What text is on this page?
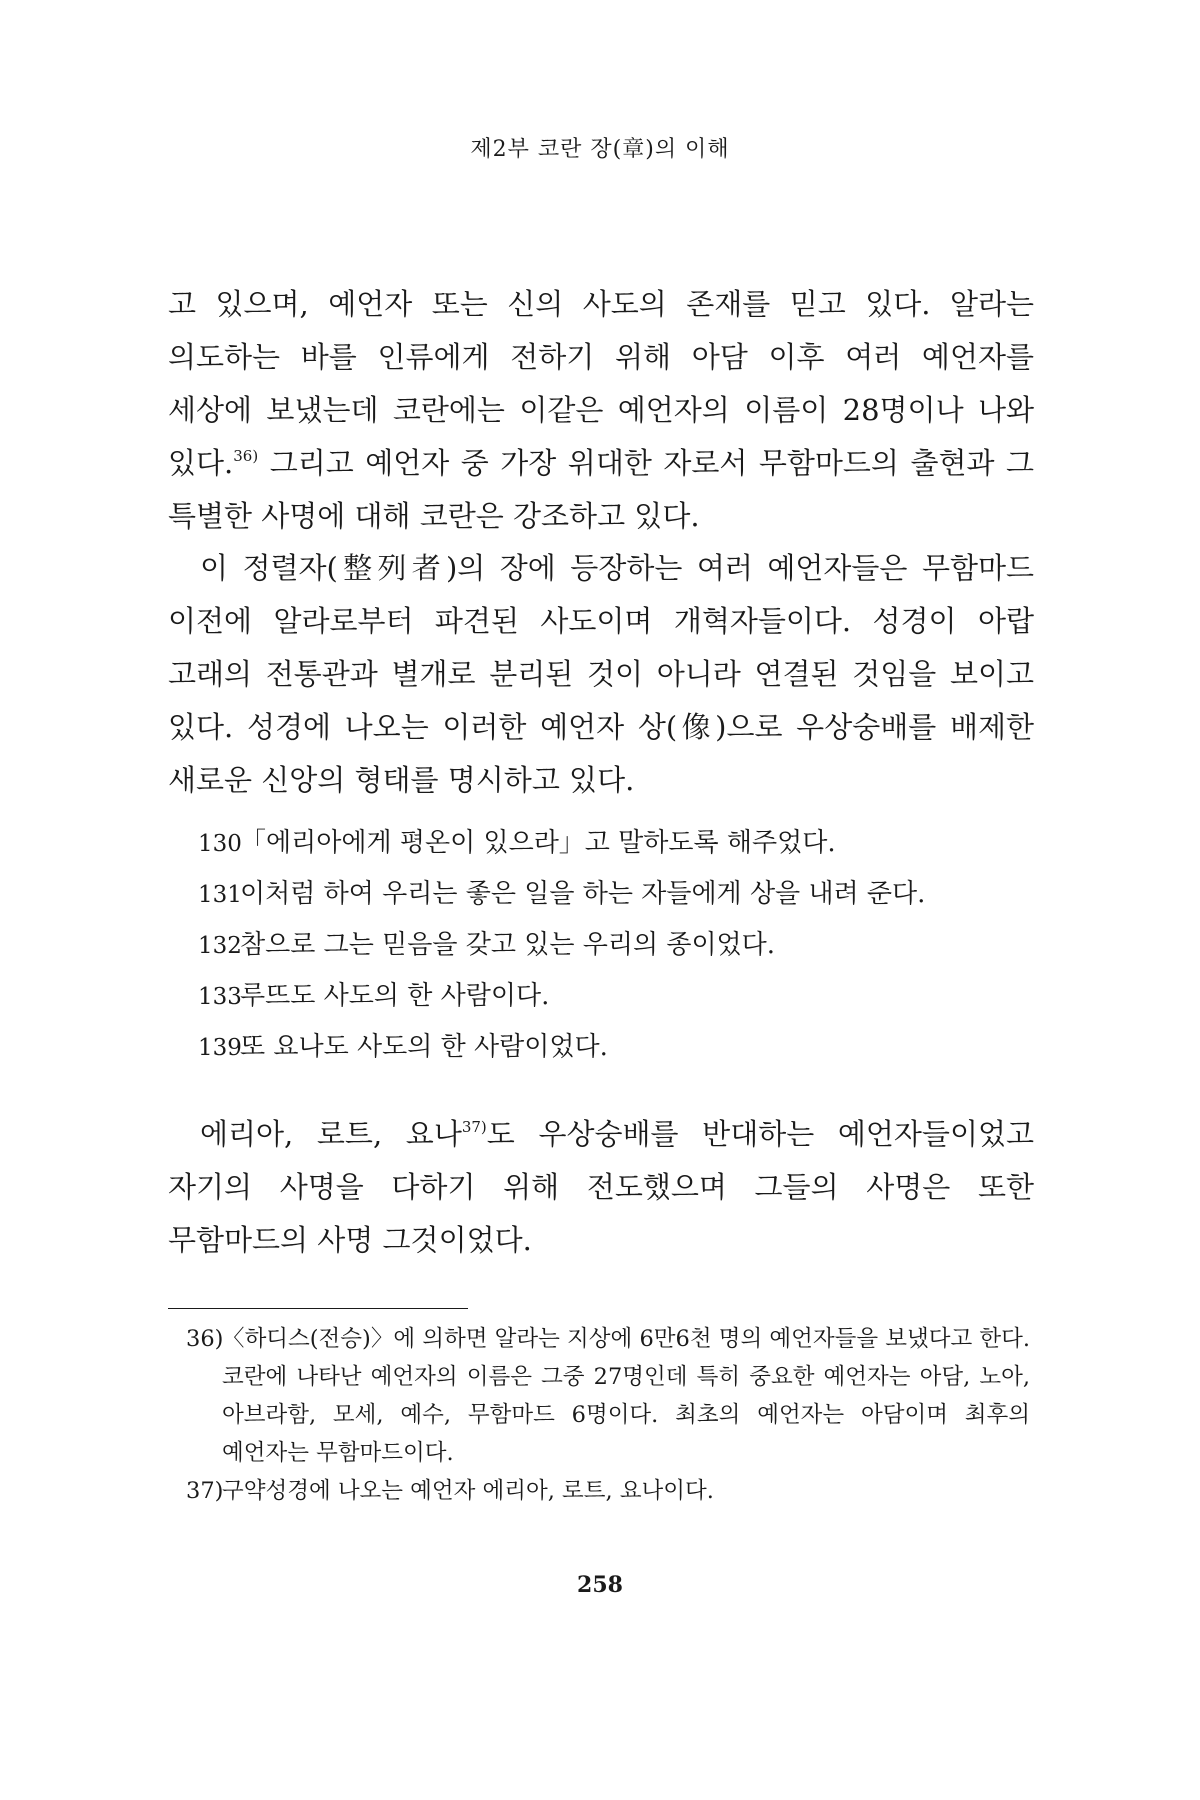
제2부 코란 장(章)의 이해
고 있으며, 예언자 또는 신의 사도의 존재를 믿고 있다. 알라는 의도하는 바를 인류에게 전하기 위해 아담 이후 여러 예언자를 세상에 보냈는데 코란에는 이같은 예언자의 이름이 28명이나 나와 있다.$^{36)}$ 그리고 예언자 중 가장 위대한 자로서 무함마드의 출현과 그 특별한 사명에 대해 코란은 강조하고 있다.
이 정렬자(整列者)의 장에 등장하는 여러 예언자들은 무함마드 이전에 알라로부터 파견된 사도이며 개혁자들이다. 성경이 아랍 고래의 전통관과 별개로 분리된 것이 아니라 연결된 것임을 보이고 있다. 성경에 나오는 이러한 예언자 상(像)으로 우상숭배를 배제한 새로운 신앙의 형태를 명시하고 있다.
130「에리아에게 평온이 있으라」고 말하도록 해주었다.
131이처럼 하여 우리는 좋은 일을 하는 자들에게 상을 내려 준다.
132참으로 그는 믿음을 갖고 있는 우리의 종이었다.
133루뜨도 사도의 한 사람이다.
139또 요나도 사도의 한 사람이었다.
에리아, 로트, 요나$^{37)}$도 우상숭배를 반대하는 예언자들이었고 자기의 사명을 다하기 위해 전도했으며 그들의 사명은 또한 무함마드의 사명 그것이었다.
36)〈하디스(전승)〉에 의하면 알라는 지상에 6만6천 명의 예언자들을 보냈다고 한다. 코란에 나타난 예언자의 이름은 그중 27명인데 특히 중요한 예언자는 아담, 노아, 아브라함, 모세, 예수, 무함마드 6명이다. 최초의 예언자는 아담이며 최후의 예언자는 무함마드이다.
37)구약성경에 나오는 예언자 에리아, 로트, 요나이다.
258
